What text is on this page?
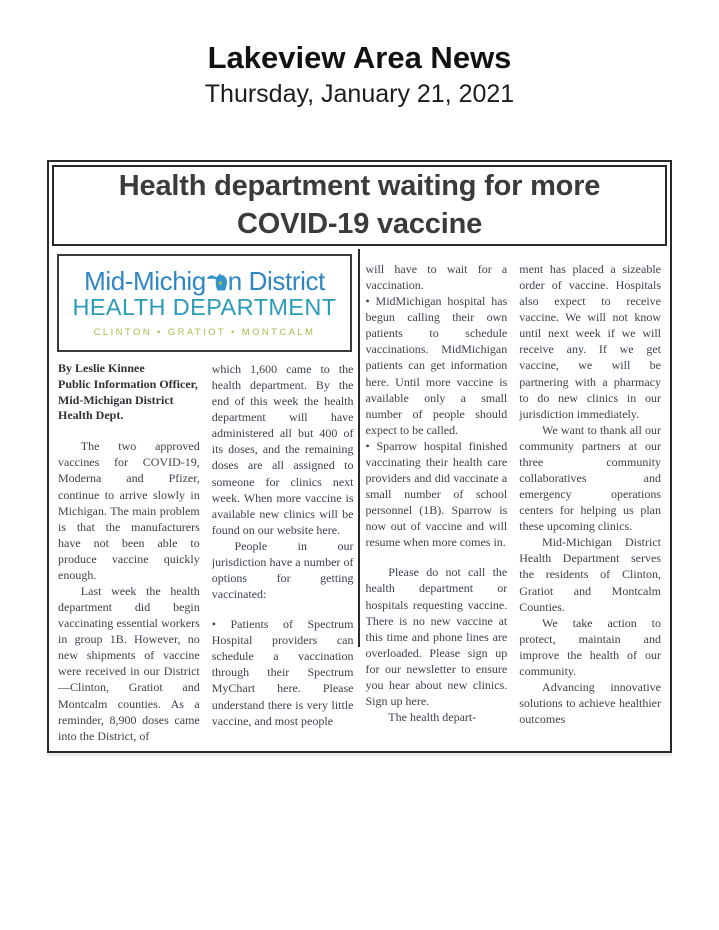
Lakeview Area News
Thursday, January 21, 2021
Health department waiting for more COVID-19 vaccine
Mid-Michig n District
HEALTH DEPARTMENT
CLINTON • GRATIOT • MONTCALM

By Leslie Kinnee

Public Information Officer, Mid-Michigan District Health Dept.

The two approved vaccines for COVID-19, Moderna and Pfizer, continue to arrive slowly in Michigan. The main problem is that the manufacturers have not been able to produce vaccine quickly enough.

Last week the health department did begin vaccinating essential workers in group 1B. However, no new shipments of vaccine were received in our District—Clinton, Gratiot and Montcalm counties. As a reminder, 8,900 doses came into the District, of

which 1,600 came to the health department. By the end of this week the health department will have administered all but 400 of its doses, and the remaining doses are all assigned to someone for clinics next week. When more vaccine is available new clinics will be found on our website here.

People in our jurisdiction have a number of options for getting vaccinated:

• Patients of Spectrum Hospital providers can schedule a vaccination through their Spectrum MyChart here. Please understand there is very little vaccine, and most people

will have to wait for a vaccination.

• MidMichigan hospital has begun calling their own patients to schedule vaccinations. MidMichigan patients can get information here. Until more vaccine is available only a small number of people should expect to be called.

• Sparrow hospital finished vaccinating their health care providers and did vaccinate a small number of school personnel (1B). Sparrow is now out of vaccine and will resume when more comes in.

Please do not call the health department or hospitals requesting vaccine. There is no new vaccine at this time and phone lines are overloaded. Please sign up for our newsletter to ensure you hear about new clinics. Sign up here.

The health depart-

ment has placed a sizeable order of vaccine. Hospitals also expect to receive vaccine. We will not know until next week if we will receive any. If we get vaccine, we will be partnering with a pharmacy to do new clinics in our jurisdiction immediately.

We want to thank all our community partners at our three community collaboratives and emergency operations centers for helping us plan these upcoming clinics.

Mid-Michigan District Health Department serves the residents of Clinton, Gratiot and Montcalm Counties.

We take action to protect, maintain and improve the health of our community.

Advancing innovative solutions to achieve healthier outcomes
